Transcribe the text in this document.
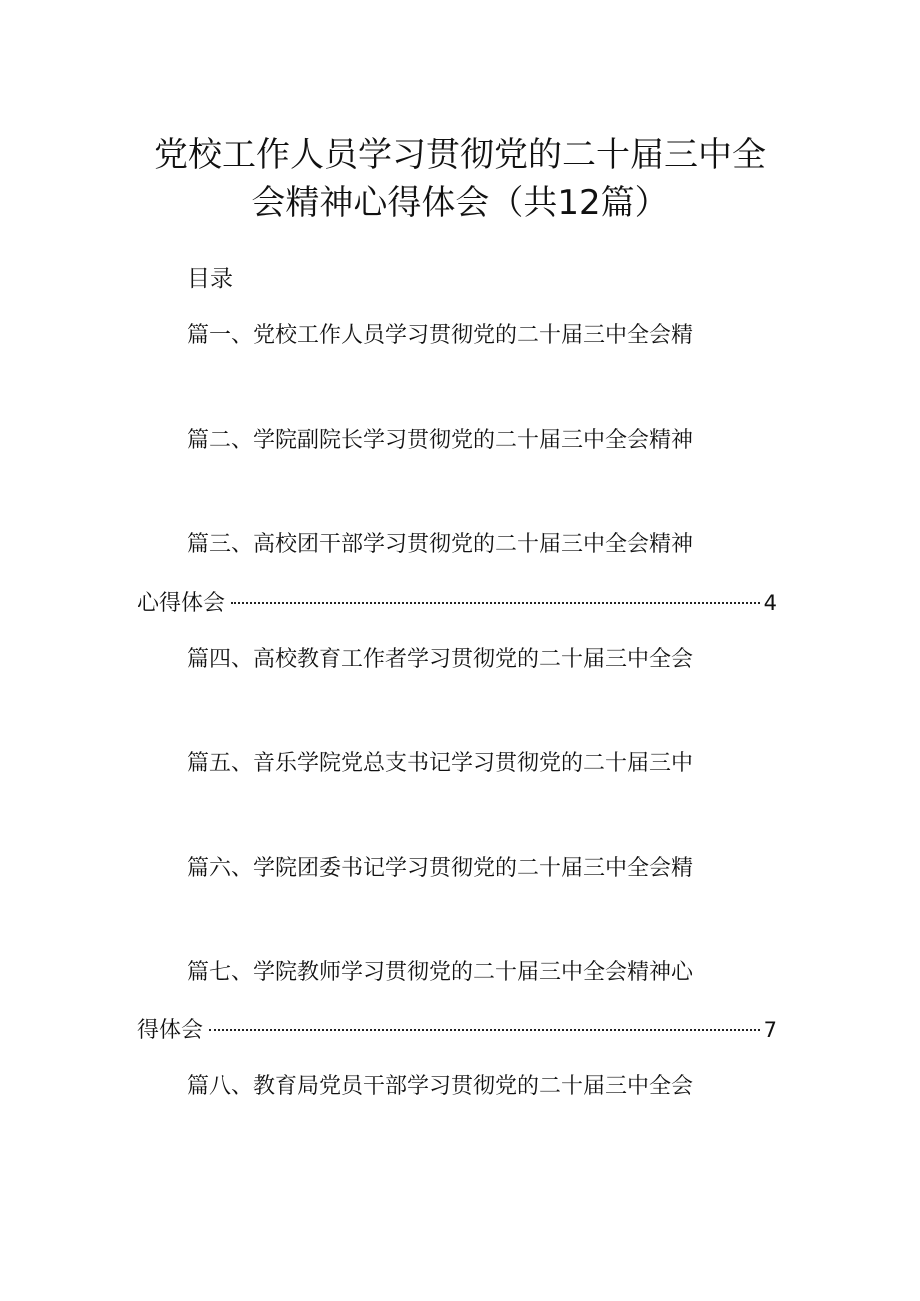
党校工作人员学习贯彻党的二十届三中全
会精神心得体会（共12篇）
目录
篇一、党校工作人员学习贯彻党的二十届三中全会精
篇二、学院副院长学习贯彻党的二十届三中全会精神
篇三、高校团干部学习贯彻党的二十届三中全会精神
心得体会	4
篇四、高校教育工作者学习贯彻党的二十届三中全会
篇五、音乐学院党总支书记学习贯彻党的二十届三中
篇六、学院团委书记学习贯彻党的二十届三中全会精
篇七、学院教师学习贯彻党的二十届三中全会精神心
得体会	7
篇八、教育局党员干部学习贯彻党的二十届三中全会
